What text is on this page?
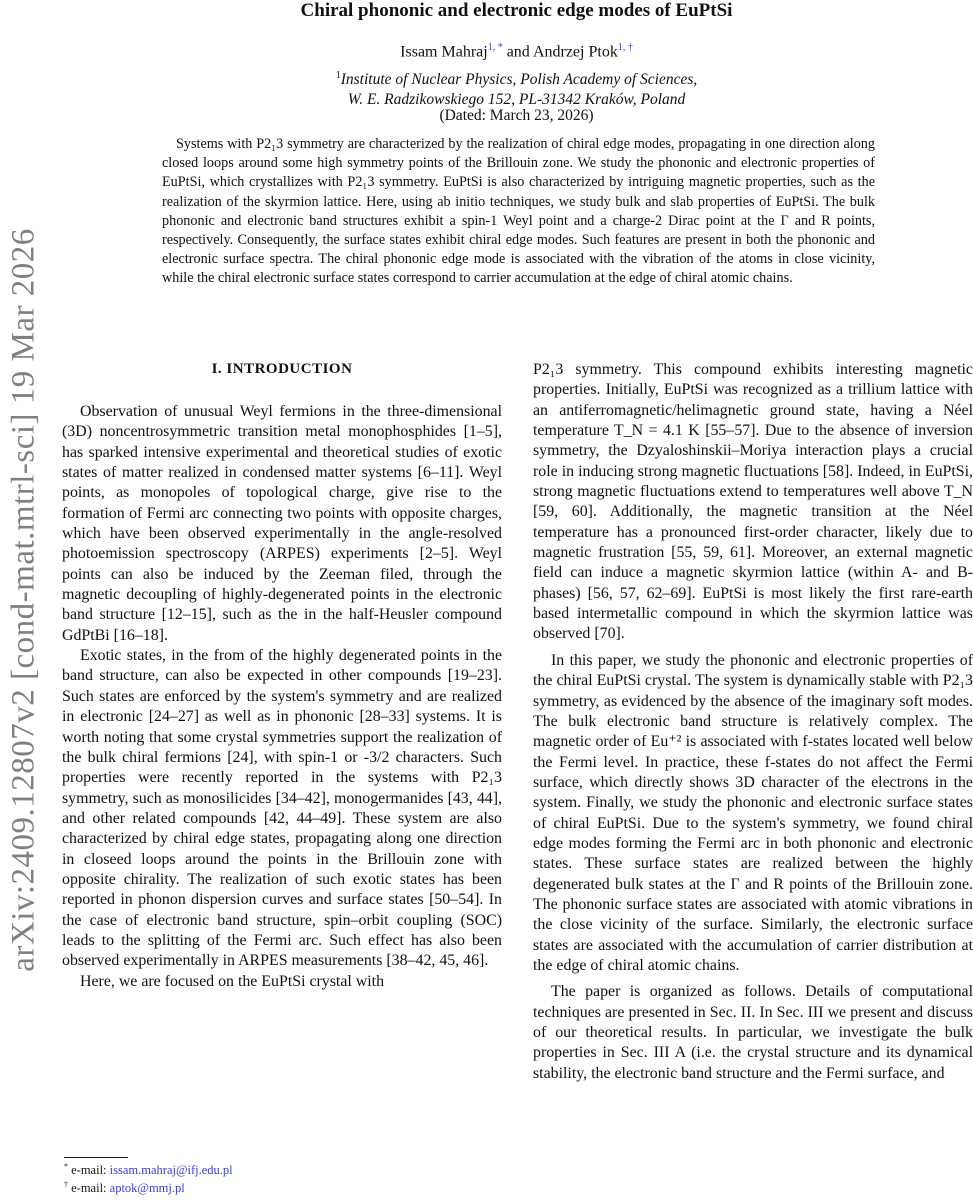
arXiv:2409.12807v2 [cond-mat.mtrl-sci] 19 Mar 2026
Chiral phononic and electronic edge modes of EuPtSi
Issam Mahraj$^{1, *}$ and Andrzej Ptok$^{1, \dagger}$
$^1$Institute of Nuclear Physics, Polish Academy of Sciences,
W. E. Radzikowskiego 152, PL-31342 Kraków, Poland
(Dated: March 23, 2026)

Systems with P2₁3 symmetry are characterized by the realization of chiral edge modes, propagating in one direction along closed loops around some high symmetry points of the Brillouin zone. We study the phononic and electronic properties of EuPtSi, which crystallizes with P2₁3 symmetry. EuPtSi is also characterized by intriguing magnetic properties, such as the realization of the skyrmion lattice. Here, using ab initio techniques, we study bulk and slab properties of EuPtSi. The bulk phononic and electronic band structures exhibit a spin-1 Weyl point and a charge-2 Dirac point at the Γ and R points, respectively. Consequently, the surface states exhibit chiral edge modes. Such features are present in both the phononic and electronic surface spectra. The chiral phononic edge mode is associated with the vibration of the atoms in close vicinity, while the chiral electronic surface states correspond to carrier accumulation at the edge of chiral atomic chains.

I. INTRODUCTION

Observation of unusual Weyl fermions in the three-dimensional (3D) noncentrosymmetric transition metal monophosphides [1–5], has sparked intensive experimental and theoretical studies of exotic states of matter realized in condensed matter systems [6–11]. Weyl points, as monopoles of topological charge, give rise to the formation of Fermi arc connecting two points with opposite charges, which have been observed experimentally in the angle-resolved photoemission spectroscopy (ARPES) experiments [2–5]. Weyl points can also be induced by the Zeeman filed, through the magnetic decoupling of highly-degenerated points in the electronic band structure [12–15], such as the in the half-Heusler compound GdPtBi [16–18].

Exotic states, in the from of the highly degenerated points in the band structure, can also be expected in other compounds [19–23]. Such states are enforced by the system's symmetry and are realized in electronic [24–27] as well as in phononic [28–33] systems. It is worth noting that some crystal symmetries support the realization of the bulk chiral fermions [24], with spin-1 or -3/2 characters. Such properties were recently reported in the systems with P2₁3 symmetry, such as monosilicides [34–42], monogermanides [43, 44], and other related compounds [42, 44–49]. These system are also characterized by chiral edge states, propagating along one direction in closeed loops around the points in the Brillouin zone with opposite chirality. The realization of such exotic states has been reported in phonon dispersion curves and surface states [50–54]. In the case of electronic band structure, spin–orbit coupling (SOC) leads to the splitting of the Fermi arc. Such effect has also been observed experimentally in ARPES measurements [38–42, 45, 46].

Here, we are focused on the EuPtSi crystal with

P2₁3 symmetry. This compound exhibits interesting magnetic properties. Initially, EuPtSi was recognized as a trillium lattice with an antiferromagnetic/helimagnetic ground state, having a Néel temperature T_N = 4.1 K [55–57]. Due to the absence of inversion symmetry, the Dzyaloshinskii–Moriya interaction plays a crucial role in inducing strong magnetic fluctuations [58]. Indeed, in EuPtSi, strong magnetic fluctuations extend to temperatures well above T_N [59, 60]. Additionally, the magnetic transition at the Néel temperature has a pronounced first-order character, likely due to magnetic frustration [55, 59, 61]. Moreover, an external magnetic field can induce a magnetic skyrmion lattice (within A- and B-phases) [56, 57, 62–69]. EuPtSi is most likely the first rare-earth based intermetallic compound in which the skyrmion lattice was observed [70].

In this paper, we study the phononic and electronic properties of the chiral EuPtSi crystal. The system is dynamically stable with P2₁3 symmetry, as evidenced by the absence of the imaginary soft modes. The bulk electronic band structure is relatively complex. The magnetic order of Eu⁺² is associated with f-states located well below the Fermi level. In practice, these f-states do not affect the Fermi surface, which directly shows 3D character of the electrons in the system. Finally, we study the phononic and electronic surface states of chiral EuPtSi. Due to the system's symmetry, we found chiral edge modes forming the Fermi arc in both phononic and electronic states. These surface states are realized between the highly degenerated bulk states at the Γ and R points of the Brillouin zone. The phononic surface states are associated with atomic vibrations in the close vicinity of the surface. Similarly, the electronic surface states are associated with the accumulation of carrier distribution at the edge of chiral atomic chains.

The paper is organized as follows. Details of computational techniques are presented in Sec. II. In Sec. III we present and discuss of our theoretical results. In particular, we investigate the bulk properties in Sec. III A (i.e. the crystal structure and its dynamical stability, the electronic band structure and the Fermi surface, and

* e-mail: issam.mahraj@ifj.edu.pl
† e-mail: aptok@mmj.pl
